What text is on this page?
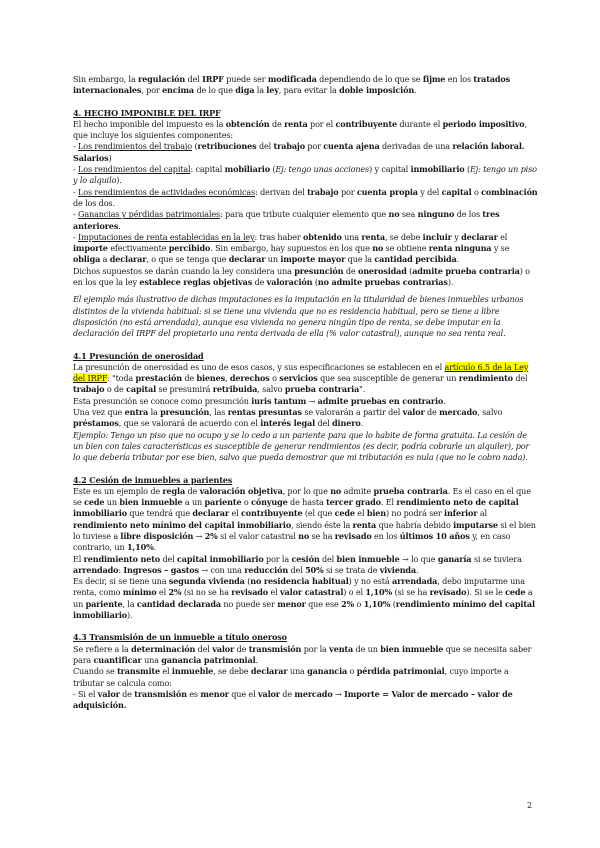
Sin embargo, la regulación del IRPF puede ser modificada dependiendo de lo que se fijme en los tratados internacionales, por encima de lo que diga la ley, para evitar la doble imposición.

4. HECHO IMPONIBLE DEL IRPF

El hecho imponible del impuesto es la obtención de renta por el contribuyente durante el periodo impositivo, que incluye los siguientes componentes:

- Los rendimientos del trabajo (retribuciones del trabajo por cuenta ajena derivadas de una relación laboral. Salarios)

- Los rendimientos del capital: capital mobiliario (Ej: tengo unas acciones) y capital inmobiliario (Ej: tengo un piso y lo alquilo).

- Los rendimientos de actividades económicas: derivan del trabajo por cuenta propia y del capital o combinación de los dos.

- Ganancias y pérdidas patrimoniales: para que tribute cualquier elemento que no sea ninguno de los tres anteriores.

- Imputaciones de renta establecidas en la ley: tras haber obtenido una renta, se debe incluir y declarar el importe efectivamente percibido. Sin embargo, hay supuestos en los que no se obtiene renta ninguna y se obliga a declarar, o que se tenga que declarar un importe mayor que la cantidad percibida.

Dichos supuestos se darán cuando la ley considera una presunción de onerosidad (admite prueba contraria) o en los que la ley establece reglas objetivas de valoración (no admite pruebas contrarias).

El ejemplo más ilustrativo de dichas imputaciones es la imputación en la titularidad de bienes inmuebles urbanos distintos de la vivienda habitual: si se tiene una vivienda que no es residencia habitual, pero se tiene a libre disposición (no está arrendada), aunque esa vivienda no genera ningún tipo de renta, se debe imputar en la declaración del IRPF del propietario una renta derivada de ella (% valor catastral), aunque no sea renta real.

4.1 Presunción de onerosidad

La presunción de onerosidad es uno de esos casos, y sus especificaciones se establecen en el artículo 6.5 de la Ley del IRPF: "toda prestación de bienes, derechos o servicios que sea susceptible de generar un rendimiento del trabajo o de capital se presumirá retribuida, salvo prueba contraria".

Esta presunción se conoce como presunción iuris tantum → admite pruebas en contrario.

Una vez que entra la presunción, las rentas presuntas se valorarán a partir del valor de mercado, salvo préstamos, que se valorará de acuerdo con el interés legal del dinero.

Ejemplo: Tengo un piso que no ocupo y se lo cedo a un pariente para que lo habite de forma gratuita. La cesión de un bien con tales características es susceptible de generar rendimientos (es decir, podría cobrarle un alquiler), por lo que debería tributar por ese bien, salvo que pueda demostrar que mi tributación es nula (que no le cobro nada).

4.2 Cesión de inmuebles a parientes

Este es un ejemplo de regla de valoración objetiva, por lo que no admite prueba contraria. Es el caso en el que se cede un bien inmueble a un pariente o cónyuge de hasta tercer grado. El rendimiento neto de capital inmobiliario que tendrá que declarar el contribuyente (el que cede el bien) no podrá ser inferior al rendimiento neto mínimo del capital inmobiliario, siendo éste la renta que habría debido imputarse si el bien lo tuviese a libre disposición → 2% si el valor catastral no se ha revisado en los últimos 10 años y, en caso contrario, un 1,10%.

El rendimiento neto del capital inmobiliario por la cesión del bien inmueble → lo que ganaría si se tuviera arrendado: Ingresos – gastos → con una reducción del 50% si se trata de vivienda.

Es decir, si se tiene una segunda vivienda (no residencia habitual) y no está arrendada, debo imputarme una renta, como mínimo el 2% (si no se ha revisado el valor catastral) o el 1,10% (si se ha revisado). Si se le cede a un pariente, la cantidad declarada no puede ser menor que ese 2% o 1,10% (rendimiento mínimo del capital inmobiliario).

4.3 Transmisión de un inmueble a título oneroso

Se refiere a la determinación del valor de transmisión por la venta de un bien inmueble que se necesita saber para cuantificar una ganancia patrimonial.

Cuando se transmite el inmueble, se debe declarar una ganancia o pérdida patrimonial, cuyo importe a tributar se calcula como:

- Si el valor de transmisión es menor que el valor de mercado → Importe = Valor de mercado – valor de adquisición.

2
